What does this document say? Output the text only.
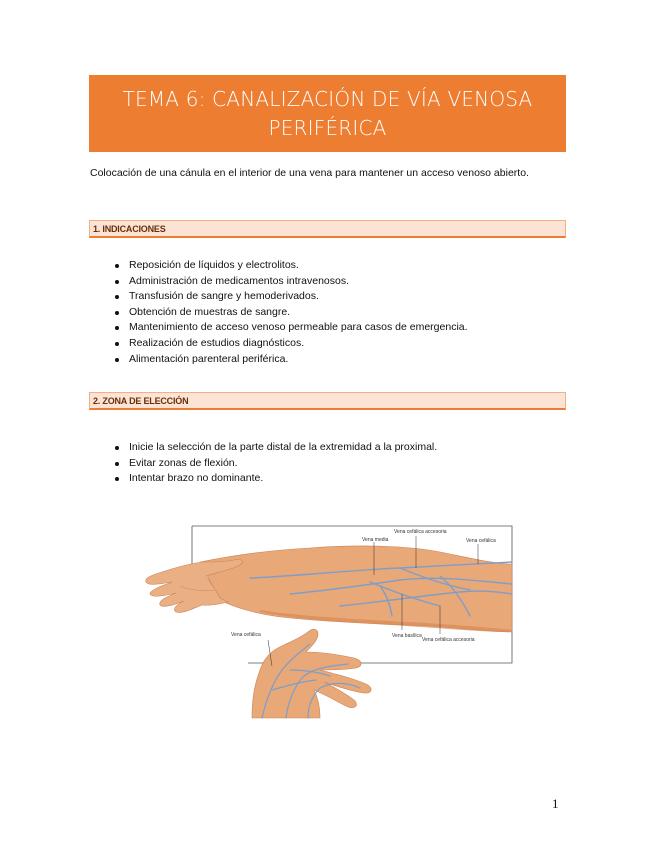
TEMA 6: CANALIZACIÓN DE VÍA VENOSA
PERIFÉRICA

Colocación de una cánula en el interior de una vena para mantener un acceso venoso abierto.

1. INDICACIONES
Reposición de líquidos y electrolitos.
Administración de medicamentos intravenosos.
Transfusión de sangre y hemoderivados.
Obtención de muestras de sangre.
Mantenimiento de acceso venoso permeable para casos de emergencia.
Realización de estudios diagnósticos.
Alimentación parenteral periférica.
2. ZONA DE ELECCIÓN
Inicie la selección de la parte distal de la extremidad a la proximal.
Evitar zonas de flexión.
Intentar brazo no dominante.
Vena cefálica accesoria
Vena media	Vena cefálica
Vena basílica
Vena cefálica accesoria
Vena cefálica
1
